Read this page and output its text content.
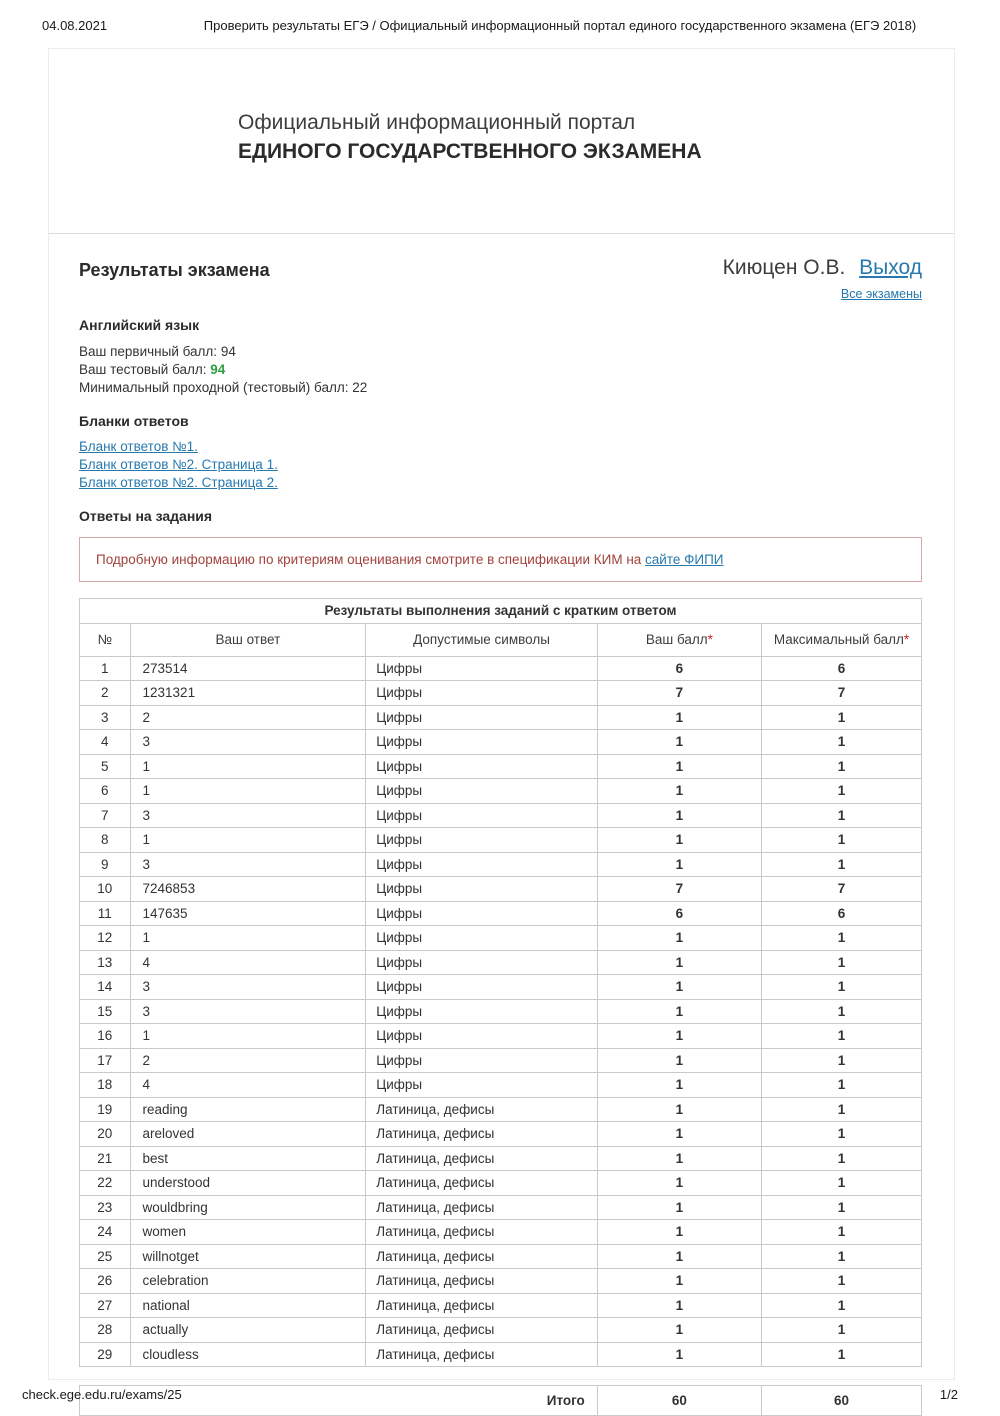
04.08.2021	Проверить результаты ЕГЭ / Официальный информационный портал единого государственного экзамена (ЕГЭ 2018)
Официальный информационный портал
ЕДИНОГО ГОСУДАРСТВЕННОГО ЭКЗАМЕНА
Результаты экзамена	Киюцен О.В. Выход
Все экзамены
Английский язык
Ваш первичный балл: 94
Ваш тестовый балл: 94
Минимальный проходной (тестовый) балл: 22
Бланки ответов
Бланк ответов №1.
Бланк ответов №2. Страница 1.
Бланк ответов №2. Страница 2.
Ответы на задания
Подробную информацию по критериям оценивания смотрите в спецификации КИМ на сайте ФИПИ
Результаты выполнения заданий с кратким ответом				
№	Ваш ответ	Допустимые символы	Ваш балл*	Максимальный балл*
1	273514	Цифры	6	6
2	1231321	Цифры	7	7
3	2	Цифры	1	1
4	3	Цифры	1	1
5	1	Цифры	1	1
6	1	Цифры	1	1
7	3	Цифры	1	1
8	1	Цифры	1	1
9	3	Цифры	1	1
10	7246853	Цифры	7	7
11	147635	Цифры	6	6
12	1	Цифры	1	1
13	4	Цифры	1	1
14	3	Цифры	1	1
15	3	Цифры	1	1
16	1	Цифры	1	1
17	2	Цифры	1	1
18	4	Цифры	1	1
19	reading	Латиница, дефисы	1	1
20	areloved	Латиница, дефисы	1	1
21	best	Латиница, дефисы	1	1
22	understood	Латиница, дефисы	1	1
23	wouldbring	Латиница, дефисы	1	1
24	women	Латиница, дефисы	1	1
25	willnotget	Латиница, дефисы	1	1
26	celebration	Латиница, дефисы	1	1
27	national	Латиница, дефисы	1	1
28	actually	Латиница, дефисы	1	1
29	cloudless	Латиница, дефисы	1	1
Итого	60	60
check.ege.edu.ru/exams/25	1/2
